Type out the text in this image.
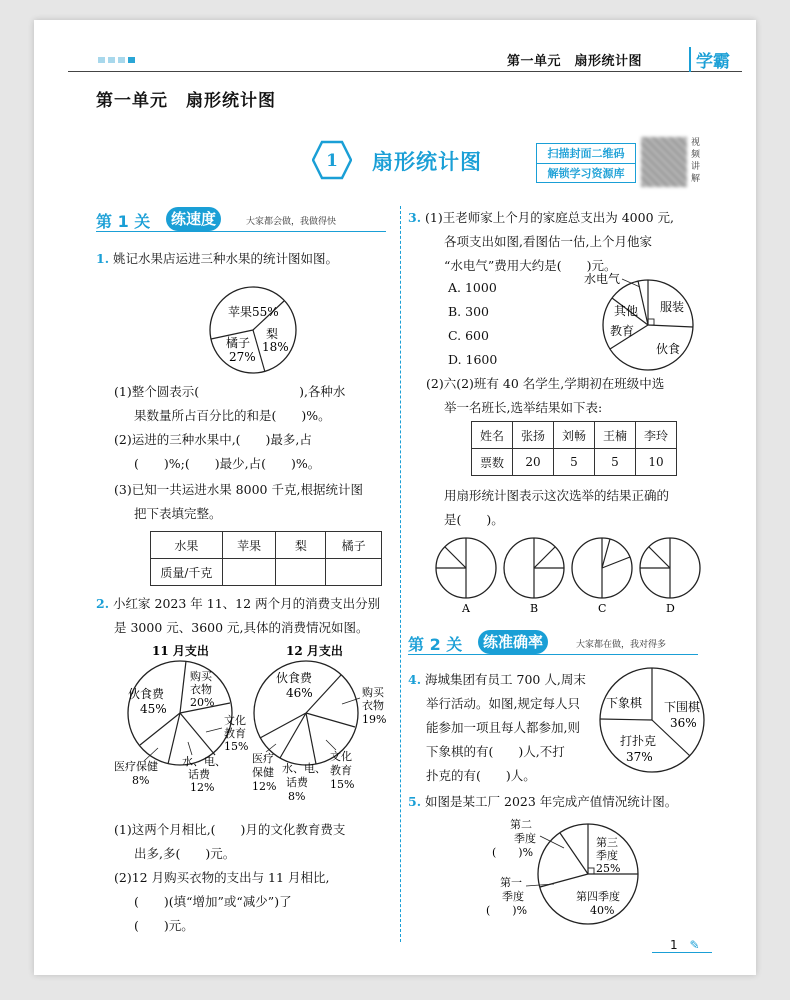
第一单元　扇形统计图	学霸
第一单元 扇形统计图
1 扇形统计图	扫描封面二维码
解锁学习资源库
视频讲解
第 1 关	练速度	大家都会做，我做得快
1. 姚记水果店运进三种水果的统计图如图。
苹果55%
梨
18%
橘子
27%
(1)整个圆表示(　　　　　　　　),各种水
果数量所占百分比的和是(　　)%。
(2)运进的三种水果中,(　　)最多,占
(　　)%;(　　)最少,占(　　)%。
(3)已知一共运进水果 8000 千克,根据统计图
把下表填完整。
水果	苹果	梨	橘子
质量/千克			
2. 小红家 2023 年 11、12 两个月的消费支出分别
是 3000 元、3600 元,具体的消费情况如图。
11 月支出
伙食费
45%
购买
衣物
20%
文化
教育
15%
水、电、
话费
12%
医疗保健
8%
12 月支出
伙食费
46%	购买
衣物
19%
文化
教育
15%
医疗
保健
12%
水、电、
话费
8%
(1)这两个月相比,(　　)月的文化教育费支
出多,多(　　)元。
(2)12 月购买衣物的支出与 11 月相比,
(　　)(填“增加”或“减少”)了
(　　)元。
3. (1)王老师家上个月的家庭总支出为 4000 元,
各项支出如图,看图估一估,上个月他家
“水电气”费用大约是(　　)元。
A. 1000
B. 300
C. 600
D. 1600
水电气
其他
教育
服装
伙食
(2)六(2)班有 40 名学生,学期初在班级中选
举一名班长,选举结果如下表:
姓名	张扬	刘畅	王楠	李玲
票数	20	5	5	10
用扇形统计图表示这次选举的结果正确的
是(　　)。
A	B	C	D
第 2 关	练准确率	大家都在做，我对得多
4. 海城集团有员工 700 人,周末
举行活动。如图,规定每人只
能参加一项且每人都参加,则
下象棋的有(　　)人,不打
扑克的有(　　)人。
下象棋 下围棋
36%
打扑克
37%
5. 如图是某工厂 2023 年完成产值情况统计图。
第二
季度
(　　)%
第三
季度
25%
第一
季度
(　　)%
第四季度
40%
1 ✎
